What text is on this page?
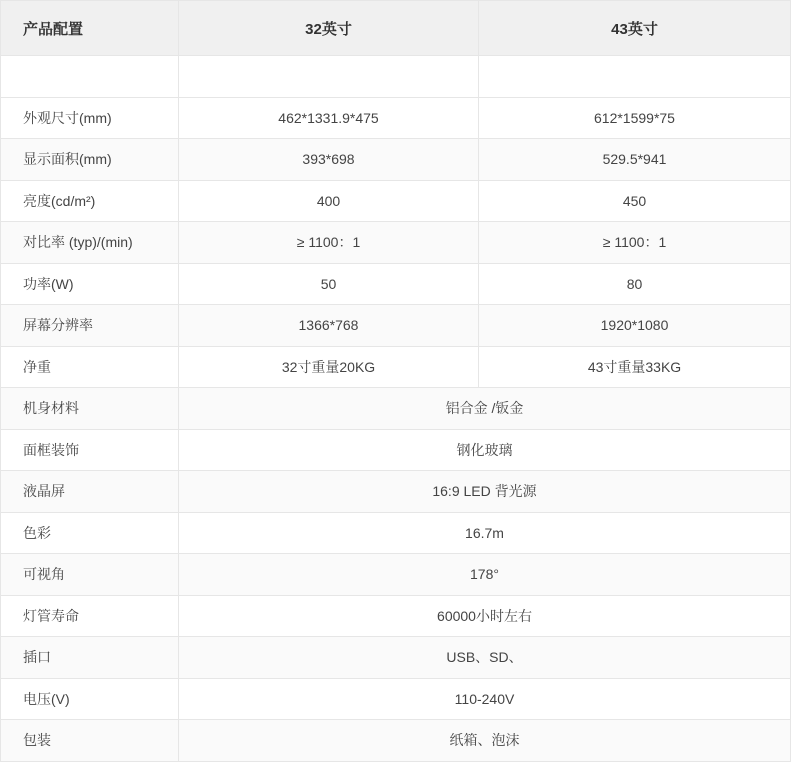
产品配置	32英寸	43英寸

外观尺寸(mm)	462*1331.9*475	612*1599*75
显示面积(mm)	393*698	529.5*941
亮度(cd/m²)	400	450
对比率 (typ)/(min)	≥ 1100：1	≥ 1100：1
功率(W)	50	80
屏幕分辨率	1366*768	1920*1080
净重	32寸重量20KG	43寸重量33KG
机身材料	铝合金 /钣金	
面框装饰	钢化玻璃	
液晶屏	16:9 LED 背光源	
色彩	16.7m	
可视角	178°	
灯管寿命	60000小时左右	
插口	USB、SD、	
电压(V)	110-240V	
包装	纸箱、泡沫	
